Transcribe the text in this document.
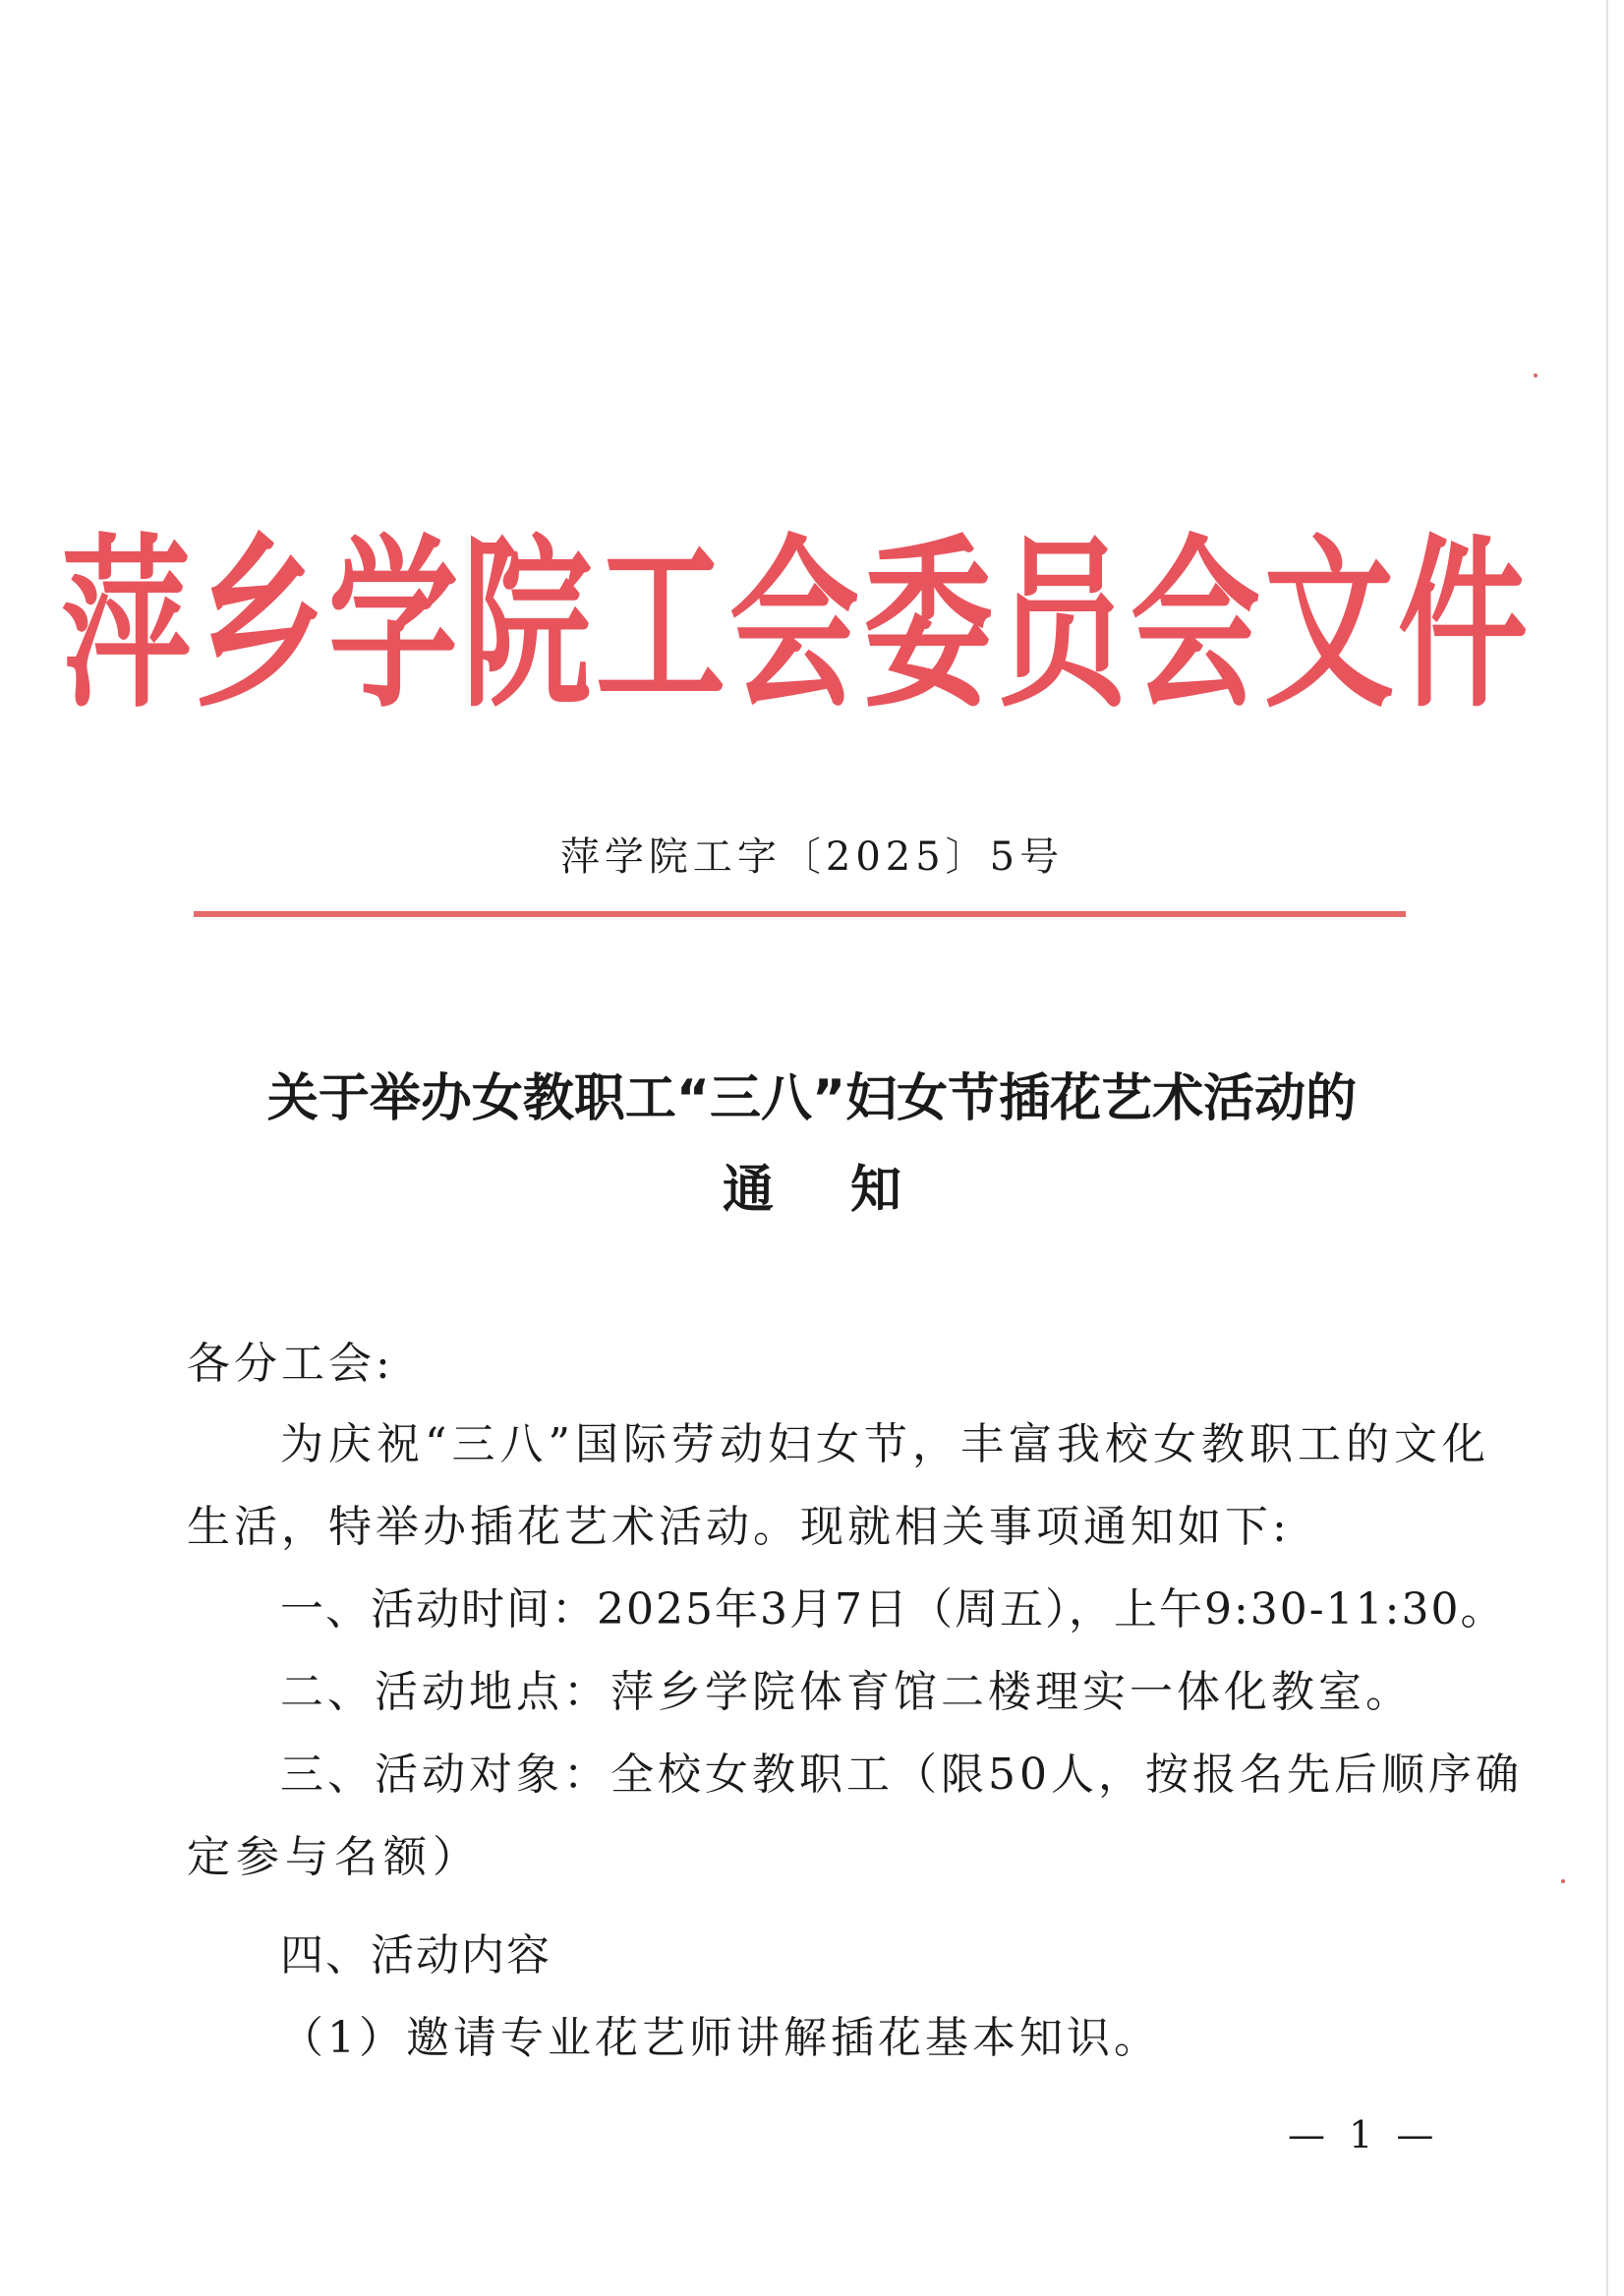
萍乡学院工会委员会文件
萍学院工字〔2025〕5号
关于举办女教职工“三八”妇女节插花艺术活动的
通 知
各分工会:
为庆祝“三八”国际劳动妇女节，丰富我校女教职工的文化
生活，特举办插花艺术活动。现就相关事项通知如下:
一、活动时间：2025年3月7日（周五），上午9:30-11:30。
二、活动地点：萍乡学院体育馆二楼理实一体化教室。
三、活动对象：全校女教职工（限50人，按报名先后顺序确
定参与名额）
四、活动内容
（1）邀请专业花艺师讲解插花基本知识。
— 1 —
